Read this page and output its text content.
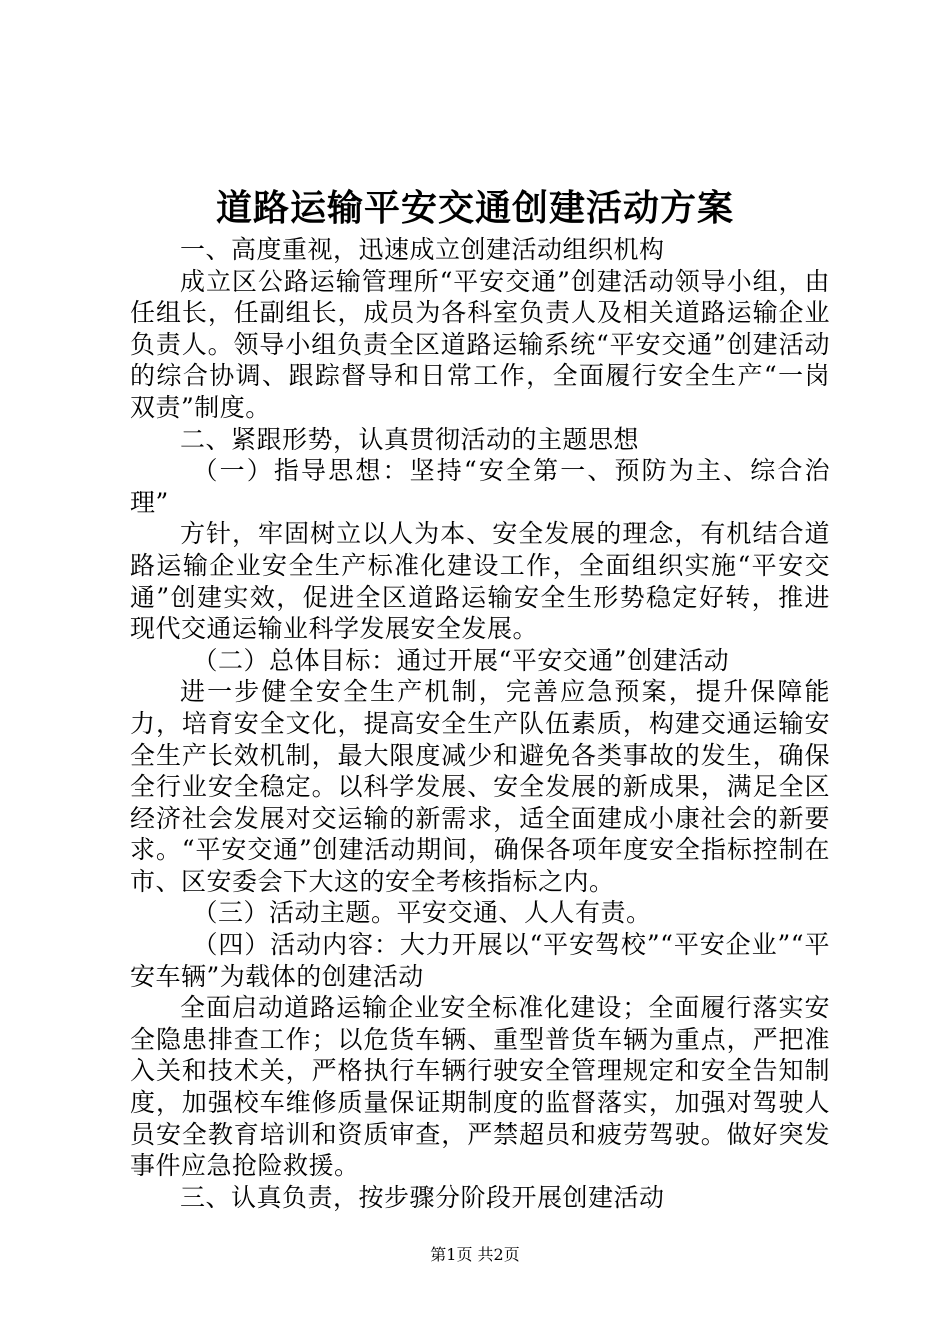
道路运输平安交通创建活动方案

一、高度重视，迅速成立创建活动组织机构

成立区公路运输管理所“平安交通”创建活动领导小组，由任组长，任副组长，成员为各科室负责人及相关道路运输企业负责人。领导小组负责全区道路运输系统“平安交通”创建活动的综合协调、跟踪督导和日常工作，全面履行安全生产“一岗双责”制度。

二、紧跟形势，认真贯彻活动的主题思想

（一）指导思想：坚持“安全第一、预防为主、综合治理”

方针，牢固树立以人为本、安全发展的理念，有机结合道路运输企业安全生产标准化建设工作，全面组织实施“平安交通”创建实效，促进全区道路运输安全生形势稳定好转，推进现代交通运输业科学发展安全发展。

（二）总体目标：通过开展“平安交通”创建活动

进一步健全安全生产机制，完善应急预案，提升保障能力，培育安全文化，提高安全生产队伍素质，构建交通运输安全生产长效机制，最大限度减少和避免各类事故的发生，确保全行业安全稳定。以科学发展、安全发展的新成果，满足全区经济社会发展对交运输的新需求，适全面建成小康社会的新要求。“平安交通”创建活动期间，确保各项年度安全指标控制在市、区安委会下大这的安全考核指标之内。

（三）活动主题。平安交通、人人有责。

（四）活动内容：大力开展以“平安驾校”“平安企业”“平安车辆”为载体的创建活动

全面启动道路运输企业安全标准化建设；全面履行落实安全隐患排查工作；以危货车辆、重型普货车辆为重点，严把准入关和技术关，严格执行车辆行驶安全管理规定和安全告知制度，加强校车维修质量保证期制度的监督落实，加强对驾驶人员安全教育培训和资质审查，严禁超员和疲劳驾驶。做好突发事件应急抢险救援。

三、认真负责，按步骤分阶段开展创建活动

第1页 共2页
